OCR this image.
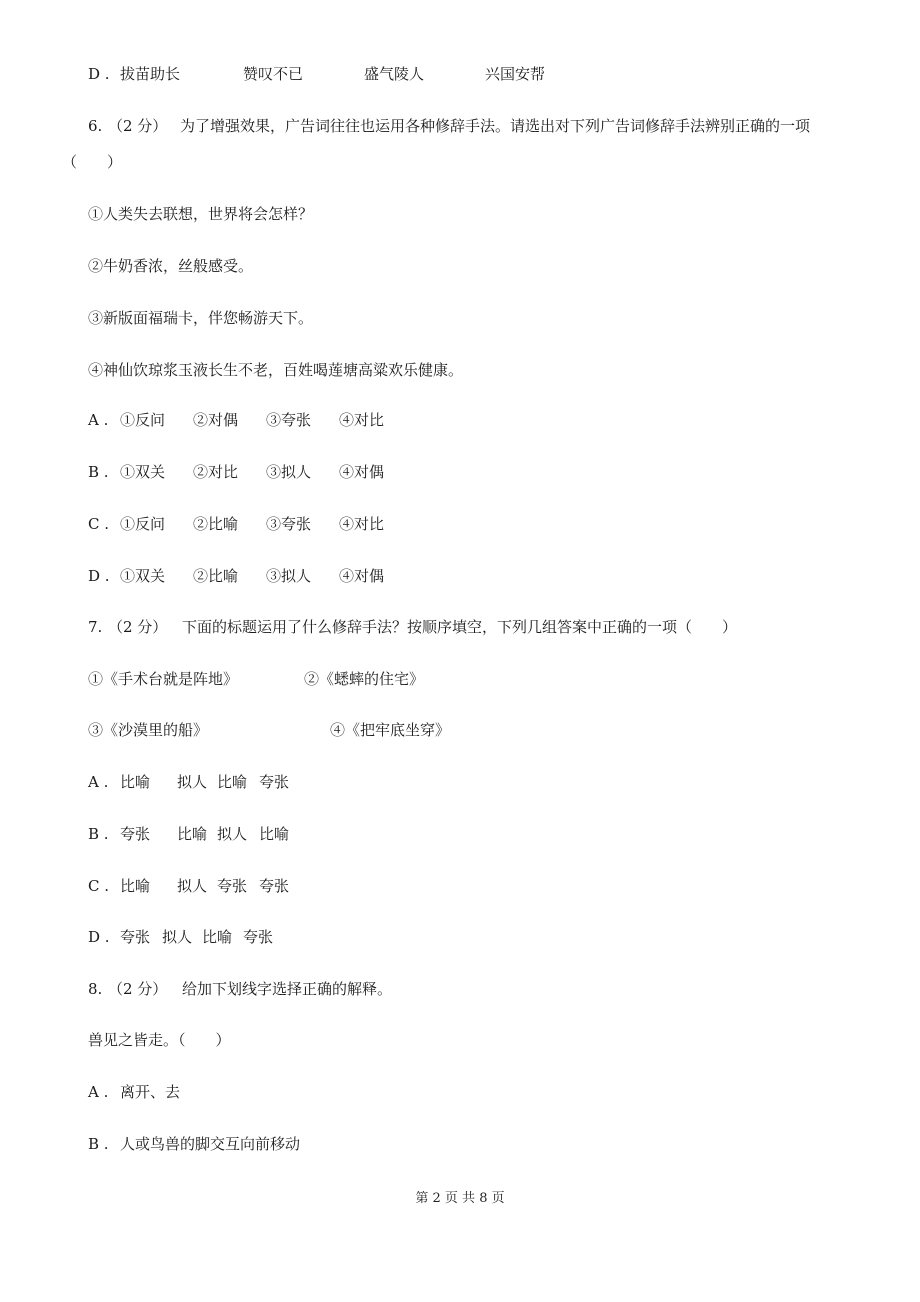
D . 拔苗助长	赞叹不已	盛气陵人	兴国安帮
6. （2 分） 为了增强效果，广告词往往也运用各种修辞手法。请选出对下列广告词修辞手法辨别正确的一项
（　　）
①人类失去联想，世界将会怎样？
②牛奶香浓，丝般感受。
③新版面福瑞卡，伴您畅游天下。
④神仙饮琼浆玉液长生不老，百姓喝莲塘高粱欢乐健康。
A . ①反问 ②对偶 ③夸张 ④对比
B . ①双关 ②对比 ③拟人 ④对偶
C . ①反问 ②比喻 ③夸张 ④对比
D . ①双关 ②比喻 ③拟人 ④对偶
7. （2 分） 下面的标题运用了什么修辞手法？按顺序填空，下列几组答案中正确的一项（　　）
①《手术台就是阵地》	②《蟋蟀的住宅》
③《沙漠里的船》	④《把牢底坐穿》
A . 比喻 拟人 比喻 夸张
B . 夸张 比喻 拟人 比喻
C . 比喻 拟人 夸张 夸张
D . 夸张 拟人 比喻 夸张
8. （2 分） 给加下划线字选择正确的解释。
兽见之皆走。（　　）
A . 离开、去
B . 人或鸟兽的脚交互向前移动
第 2 页 共 8 页
